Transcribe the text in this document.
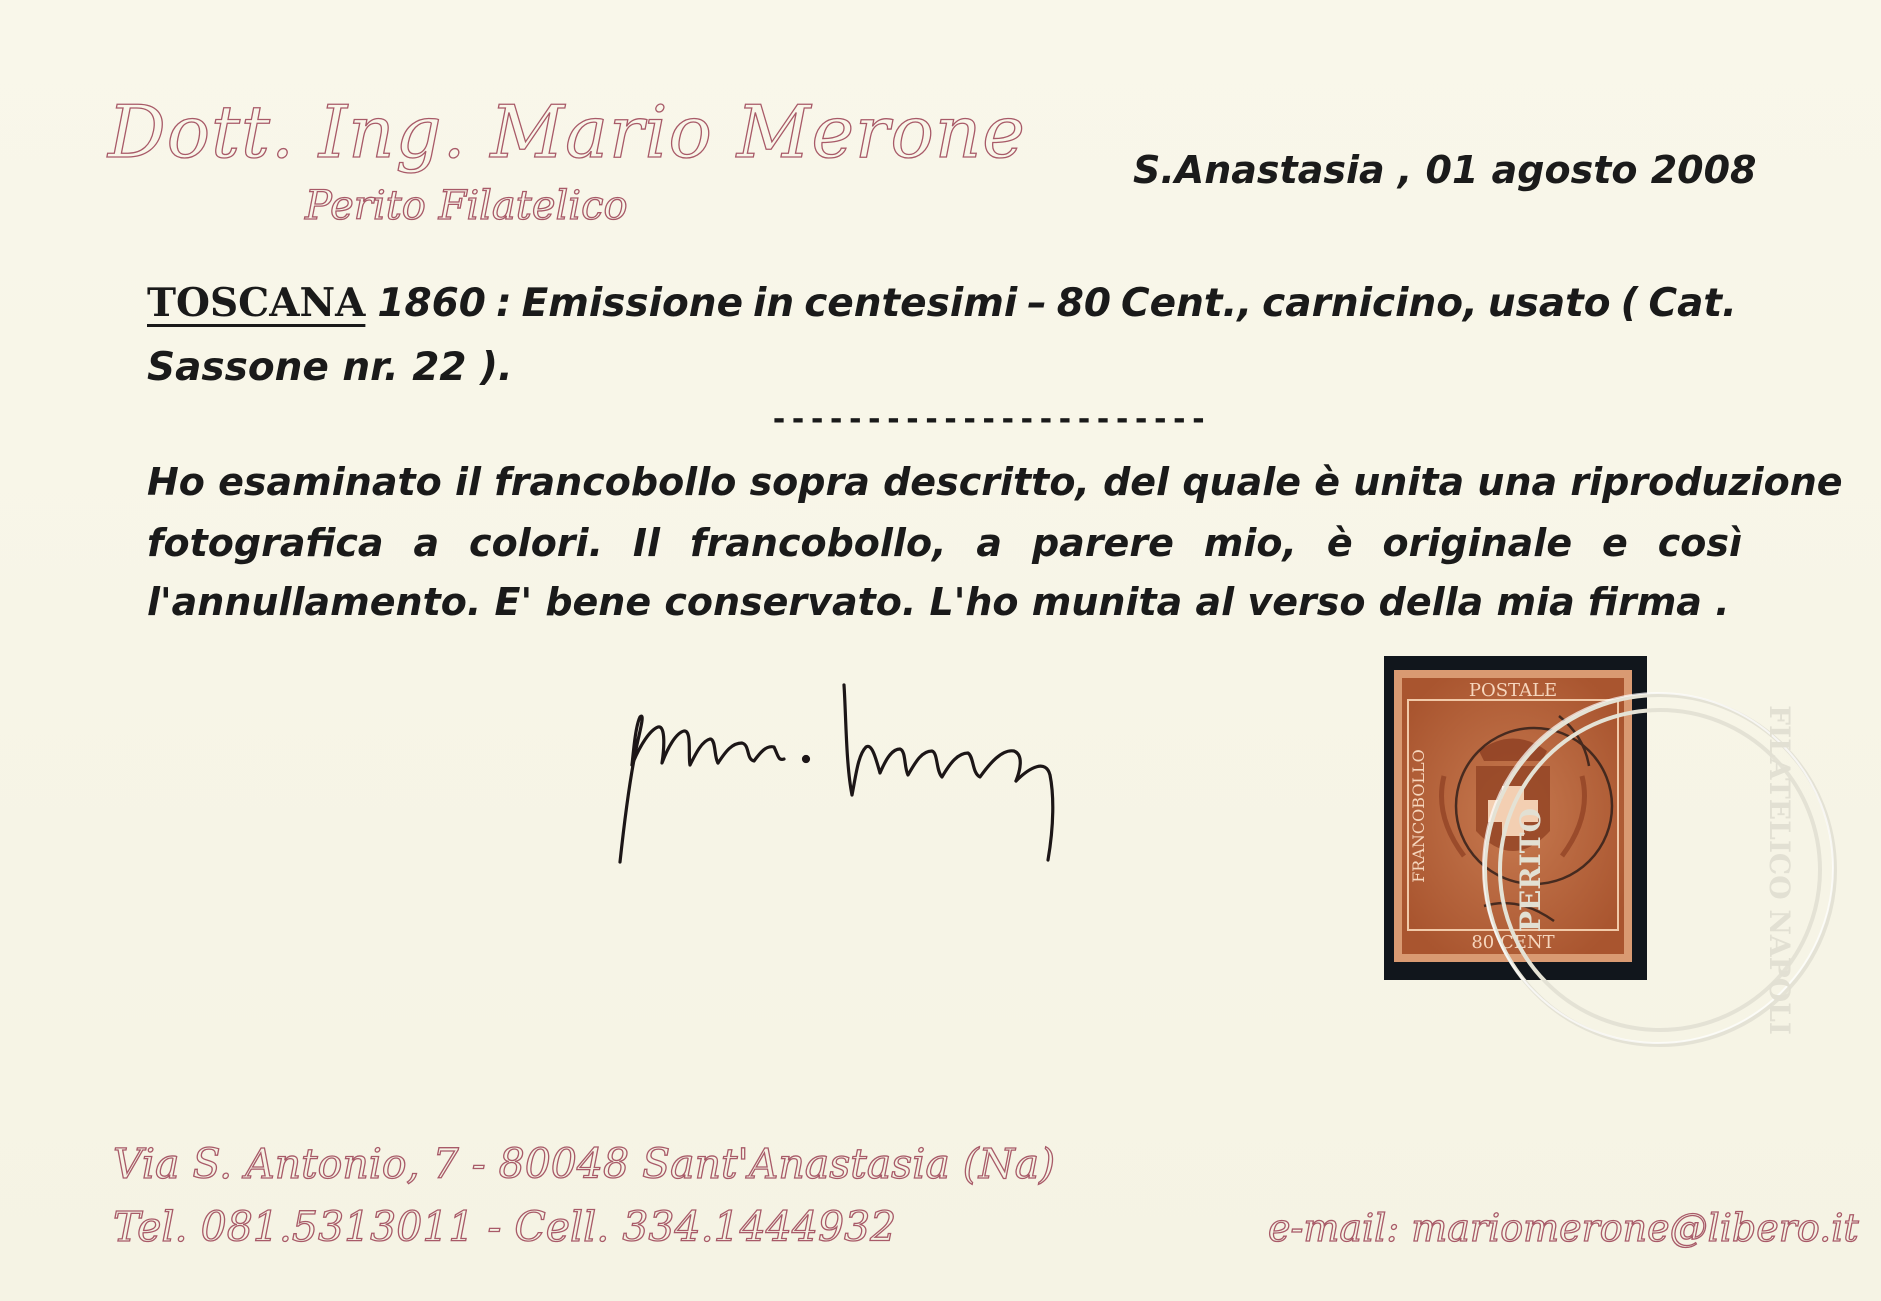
Dott. Ing. Mario Merone
Perito Filatelico
S.Anastasia , 01 agosto 2008
TOSCANA 1860 : Emissione in centesimi – 80 Cent., carnicino, usato ( Cat.
Sassone nr. 22 ).
-----------------------
Ho esaminato il francobollo sopra descritto, del quale è unita una riproduzione
fotografica a colori. Il francobollo, a parere mio, è originale e così
l'annullamento. E' bene conservato. L'ho munita al verso della mia firma .
POSTALE
FRANCOBOLLO
80 CENT
PERITO	FILATELICO NAPOLI
Via S. Antonio, 7 - 80048 Sant'Anastasia (Na)
Tel. 081.5313011 - Cell. 334.1444932	e-mail: mariomerone@libero.it
